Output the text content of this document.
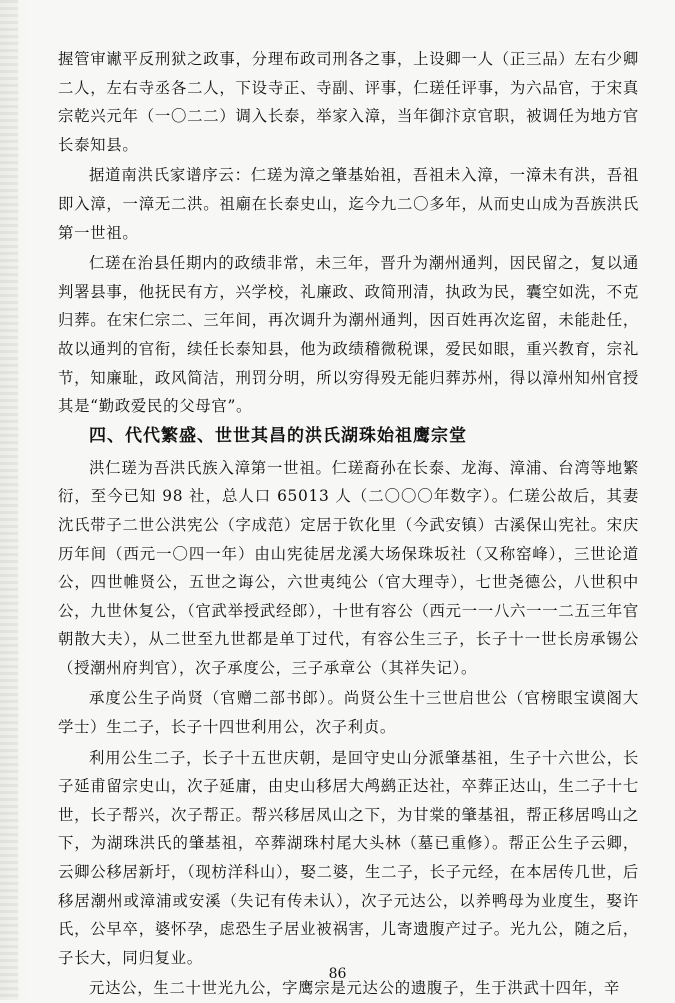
握管审谳平反刑狱之政事，分理布政司刑各之事，上设卿一人（正三品）左右少卿二人，左右寺丞各二人，下设寺正、寺副、评事，仁瑳任评事，为六品官，于宋真宗乾兴元年（一〇二二）调入长泰，举家入漳，当年御汴京官职，被调任为地方官长泰知县。

据道南洪氏家谱序云：仁瑳为漳之肇基始祖，吾祖未入漳，一漳未有洪，吾祖即入漳，一漳无二洪。祖廟在长泰史山，迄今九二〇多年，从而史山成为吾族洪氏第一世祖。

仁瑳在治县任期内的政绩非常，未三年，晋升为潮州通判，因民留之，复以通判署县事，他抚民有方，兴学校，礼廉政、政简刑清，执政为民，囊空如洗，不克归葬。在宋仁宗二、三年间，再次调升为潮州通判，因百姓再次迄留，未能赴任，故以通判的官衔，续任长泰知县，他为政绩稽微税课，爱民如眼，重兴教育，宗礼节，知廉耻，政风简洁，刑罚分明，所以穷得殁无能归葬苏州，得以漳州知州官授其是“勤政爱民的父母官”。

四、代代繁盛、世世其昌的洪氏湖珠始祖鹰宗堂

洪仁瑳为吾洪氏族入漳第一世祖。仁瑳裔孙在长泰、龙海、漳浦、台湾等地繁衍，至今已知 98 社，总人口 65013 人（二〇〇〇年数字）。仁瑳公故后，其妻沈氏带子二世公洪宪公（字成范）定居于钦化里（今武安镇）古溪保山宪社。宋庆历年间（西元一〇四一年）由山宪徒居龙溪大场保珠坂社（又称窑峰），三世论道公，四世帷贤公，五世之诲公，六世夷纯公（官大理寺），七世尧德公，八世积中公，九世休复公，（官武举授武经郎），十世有容公（西元一一八六一一二五三年官朝散大夫），从二世至九世都是单丁过代，有容公生三子，长子十一世长房承锡公（授潮州府判官），次子承度公，三子承章公（其祥失记）。

承度公生子尚贤（官赠二部书郎）。尚贤公生十三世启世公（官榜眼宝谟阁大学士）生二子，长子十四世利用公，次子利贞。

利用公生二子，长子十五世庆朝，是回守史山分派肇基祖，生子十六世公，长子延甫留宗史山，次子延庸，由史山移居大鸬鹚正达社，卒葬正达山，生二子十七世，长子帮兴，次子帮正。帮兴移居凤山之下，为甘棠的肇基祖，帮正移居鸣山之下，为湖珠洪氏的肇基祖，卒葬湖珠村尾大头林（墓已重修）。帮正公生子云卿，云卿公移居新圩，（现枋洋科山），娶二婆，生二子，长子元经，在本居传几世，后移居潮州或漳浦或安溪（失记有传未认），次子元达公，以养鸭母为业度生，娶许氏，公早卒，婆怀孕，虑恐生子居业被祸害，儿寄遗腹产过子。光九公，随之后，子长大，同归复业。

元达公，生二十世光九公，字鹰宗是元达公的遗腹子，生于洪武十四年，辛

86
